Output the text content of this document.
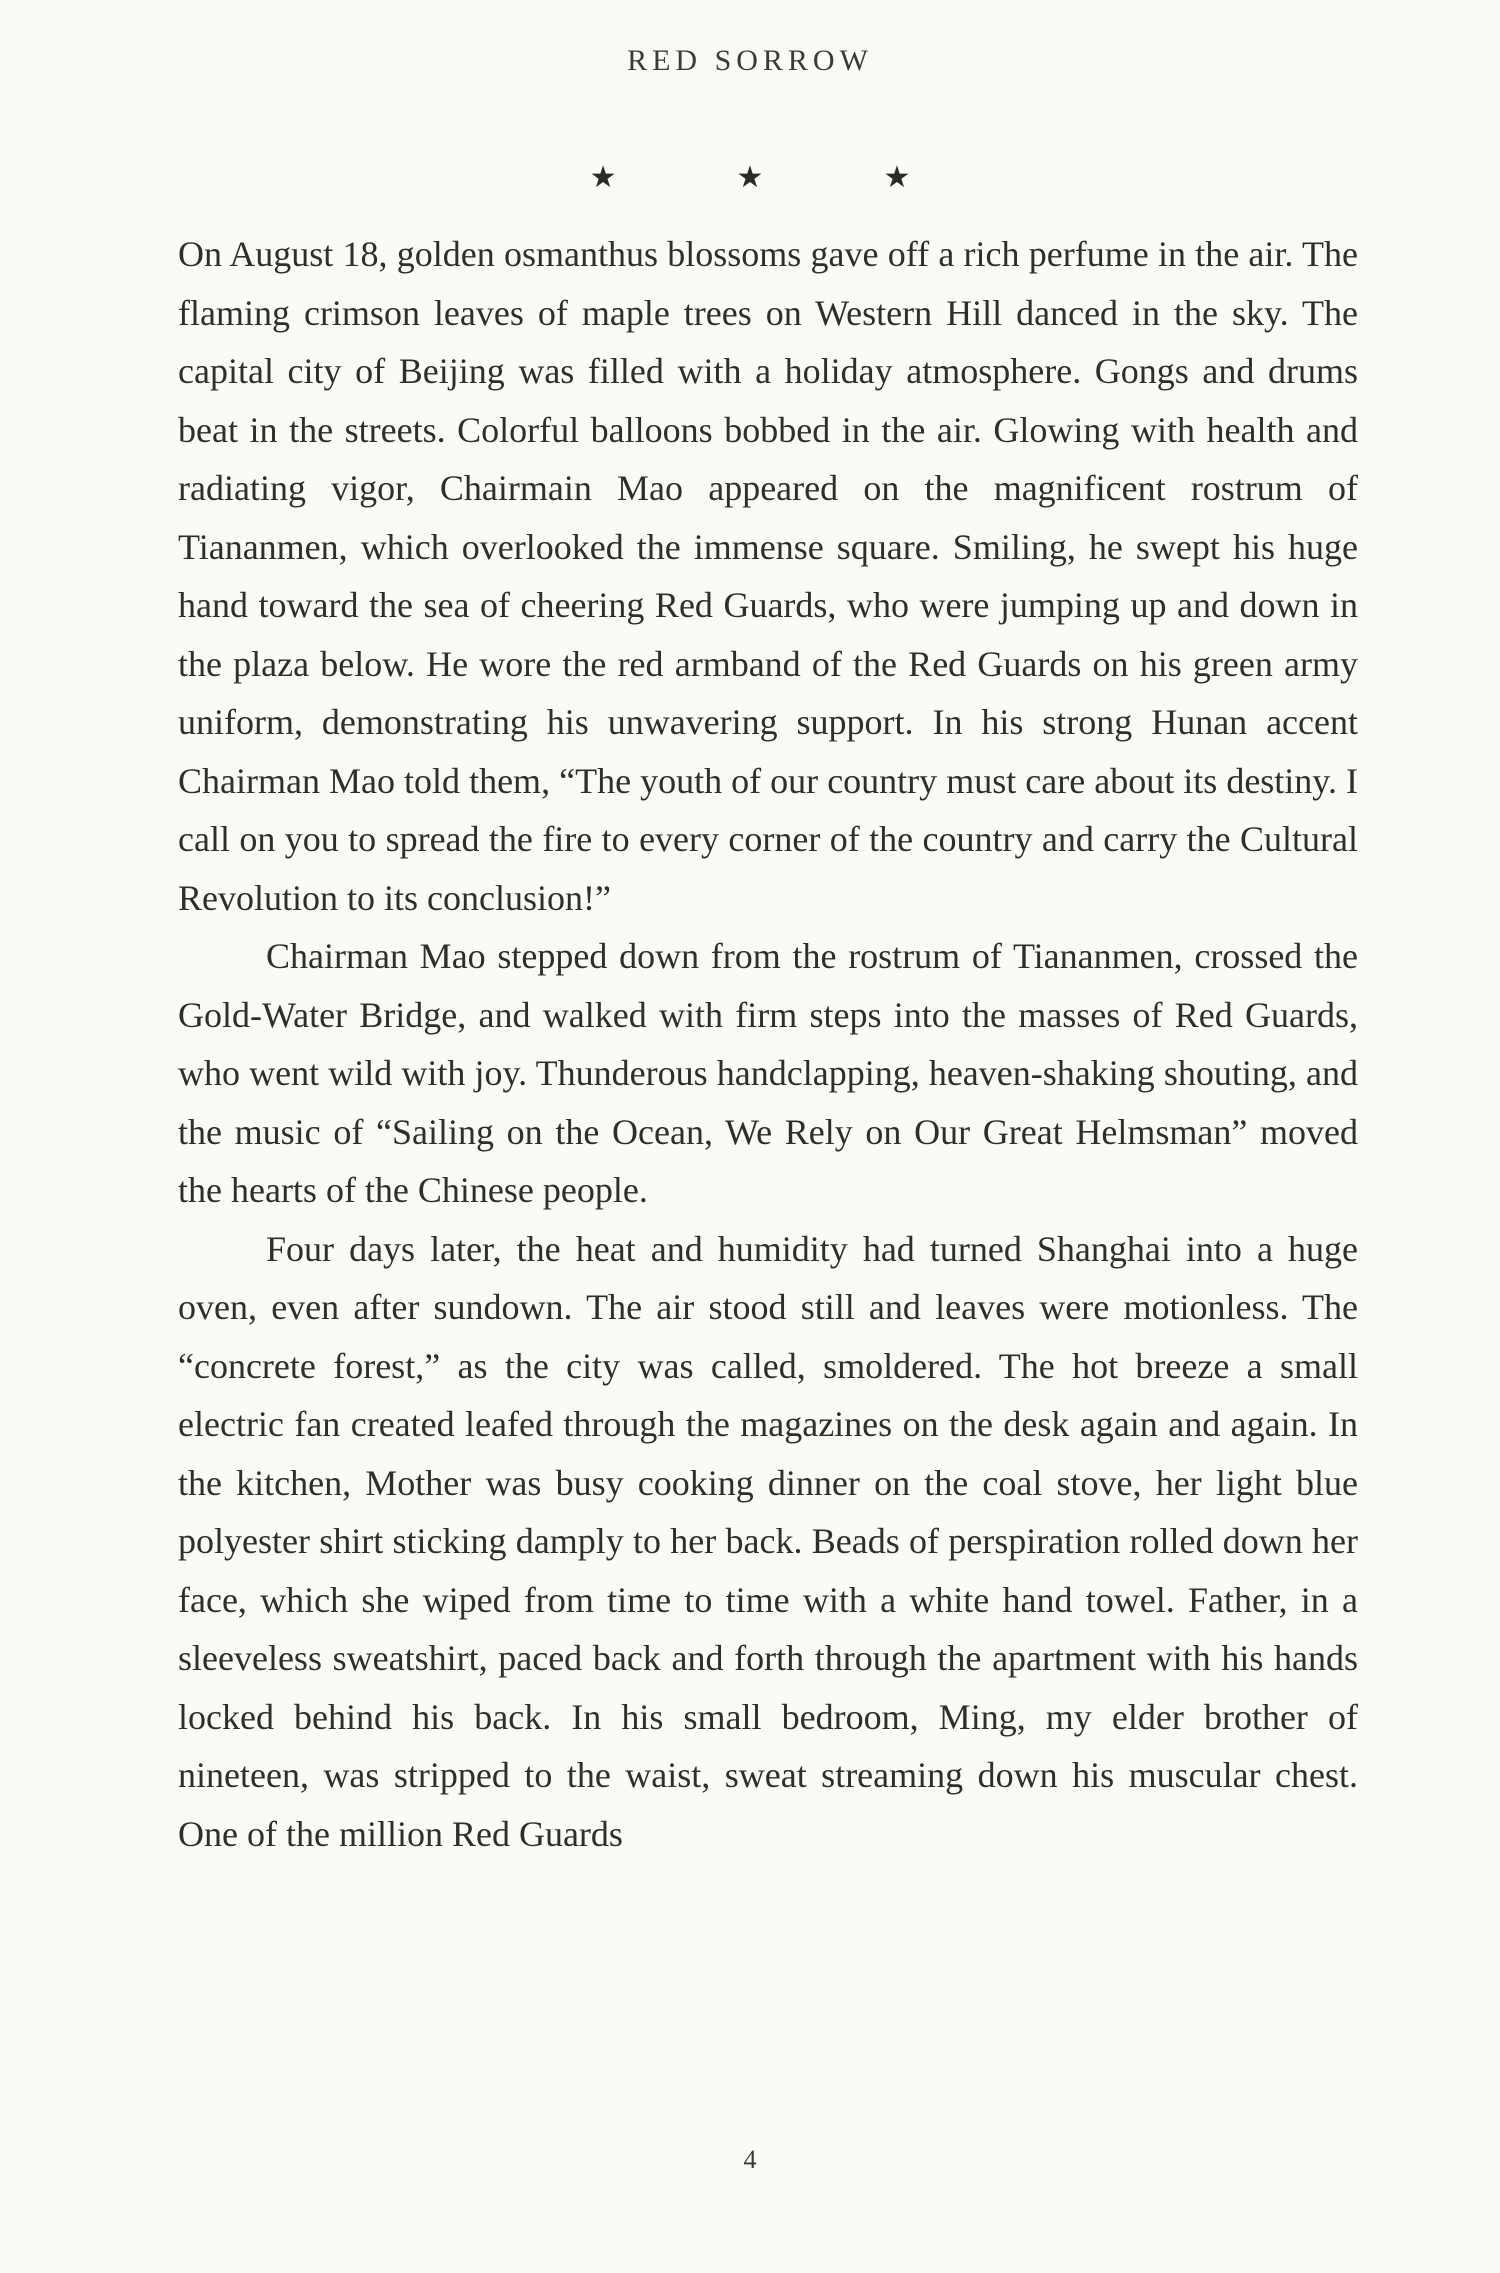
RED SORROW
★	★	★

On August 18, golden osmanthus blossoms gave off a rich perfume in the air. The flaming crimson leaves of maple trees on Western Hill danced in the sky. The capital city of Beijing was filled with a holiday atmosphere. Gongs and drums beat in the streets. Colorful balloons bobbed in the air. Glowing with health and radiating vigor, Chairmain Mao appeared on the magnificent rostrum of Tiananmen, which overlooked the immense square. Smiling, he swept his huge hand toward the sea of cheering Red Guards, who were jumping up and down in the plaza below. He wore the red armband of the Red Guards on his green army uniform, demonstrating his unwavering support. In his strong Hunan accent Chairman Mao told them, “The youth of our country must care about its destiny. I call on you to spread the fire to every corner of the country and carry the Cultural Revolution to its conclusion!”

Chairman Mao stepped down from the rostrum of Tiananmen, crossed the Gold-Water Bridge, and walked with firm steps into the masses of Red Guards, who went wild with joy. Thunderous handclapping, heaven-shaking shouting, and the music of “Sailing on the Ocean, We Rely on Our Great Helmsman” moved the hearts of the Chinese people.

Four days later, the heat and humidity had turned Shanghai into a huge oven, even after sundown. The air stood still and leaves were motionless. The “concrete forest,” as the city was called, smoldered. The hot breeze a small electric fan created leafed through the magazines on the desk again and again. In the kitchen, Mother was busy cooking dinner on the coal stove, her light blue polyester shirt sticking damply to her back. Beads of perspiration rolled down her face, which she wiped from time to time with a white hand towel. Father, in a sleeveless sweatshirt, paced back and forth through the apartment with his hands locked behind his back. In his small bedroom, Ming, my elder brother of nineteen, was stripped to the waist, sweat streaming down his muscular chest. One of the million Red Guards

4
